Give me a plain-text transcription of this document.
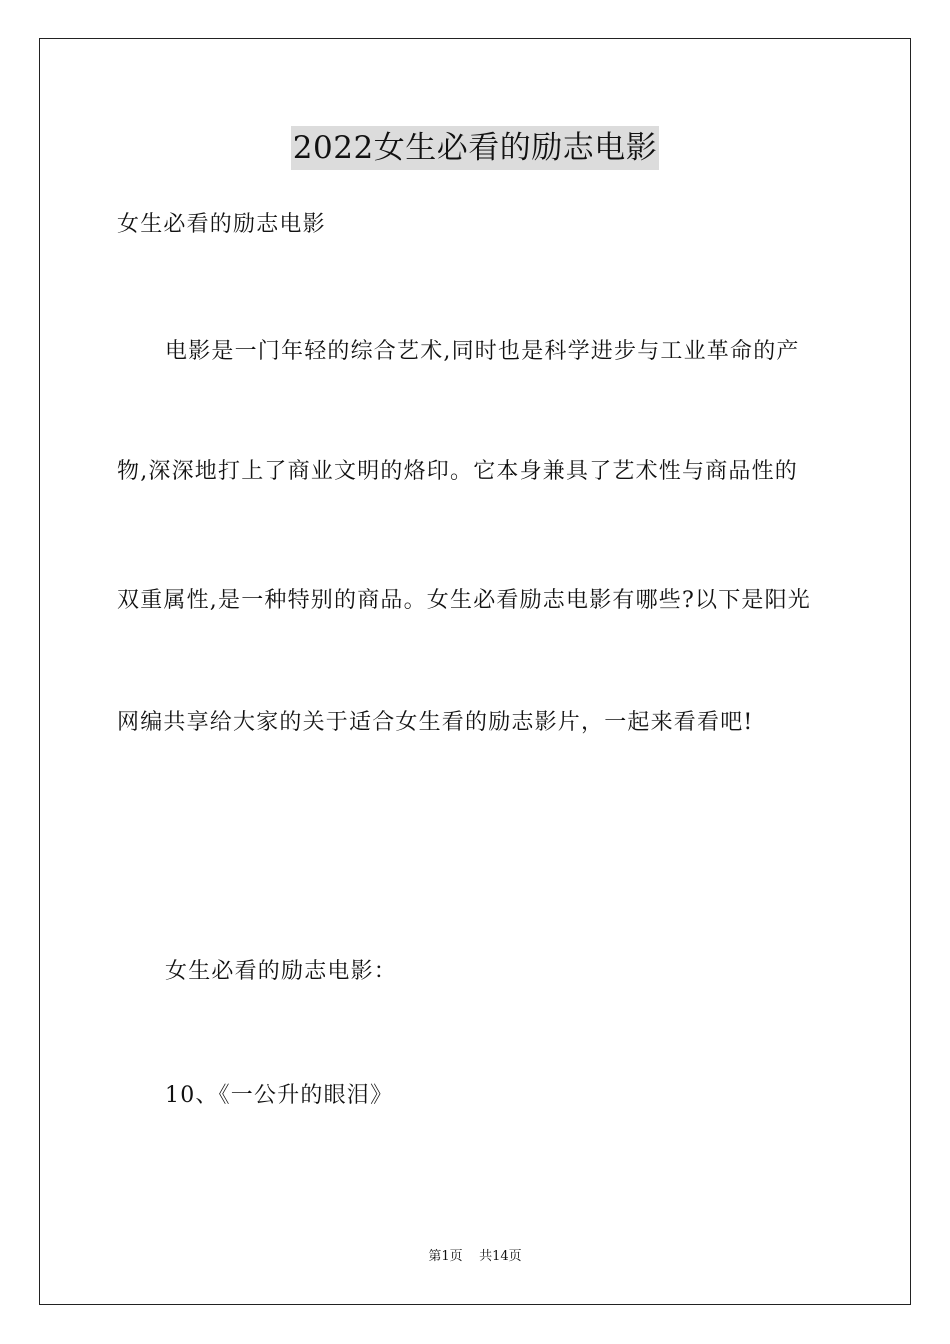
2022女生必看的励志电影
女生必看的励志电影
电影是一门年轻的综合艺术,同时也是科学进步与工业革命的产
物,深深地打上了商业文明的烙印。它本身兼具了艺术性与商品性的
双重属性,是一种特别的商品。女生必看励志电影有哪些?以下是阳光
网编共享给大家的关于适合女生看的励志影片，一起来看看吧!
女生必看的励志电影：
10、《一公升的眼泪》
第1页    共14页
